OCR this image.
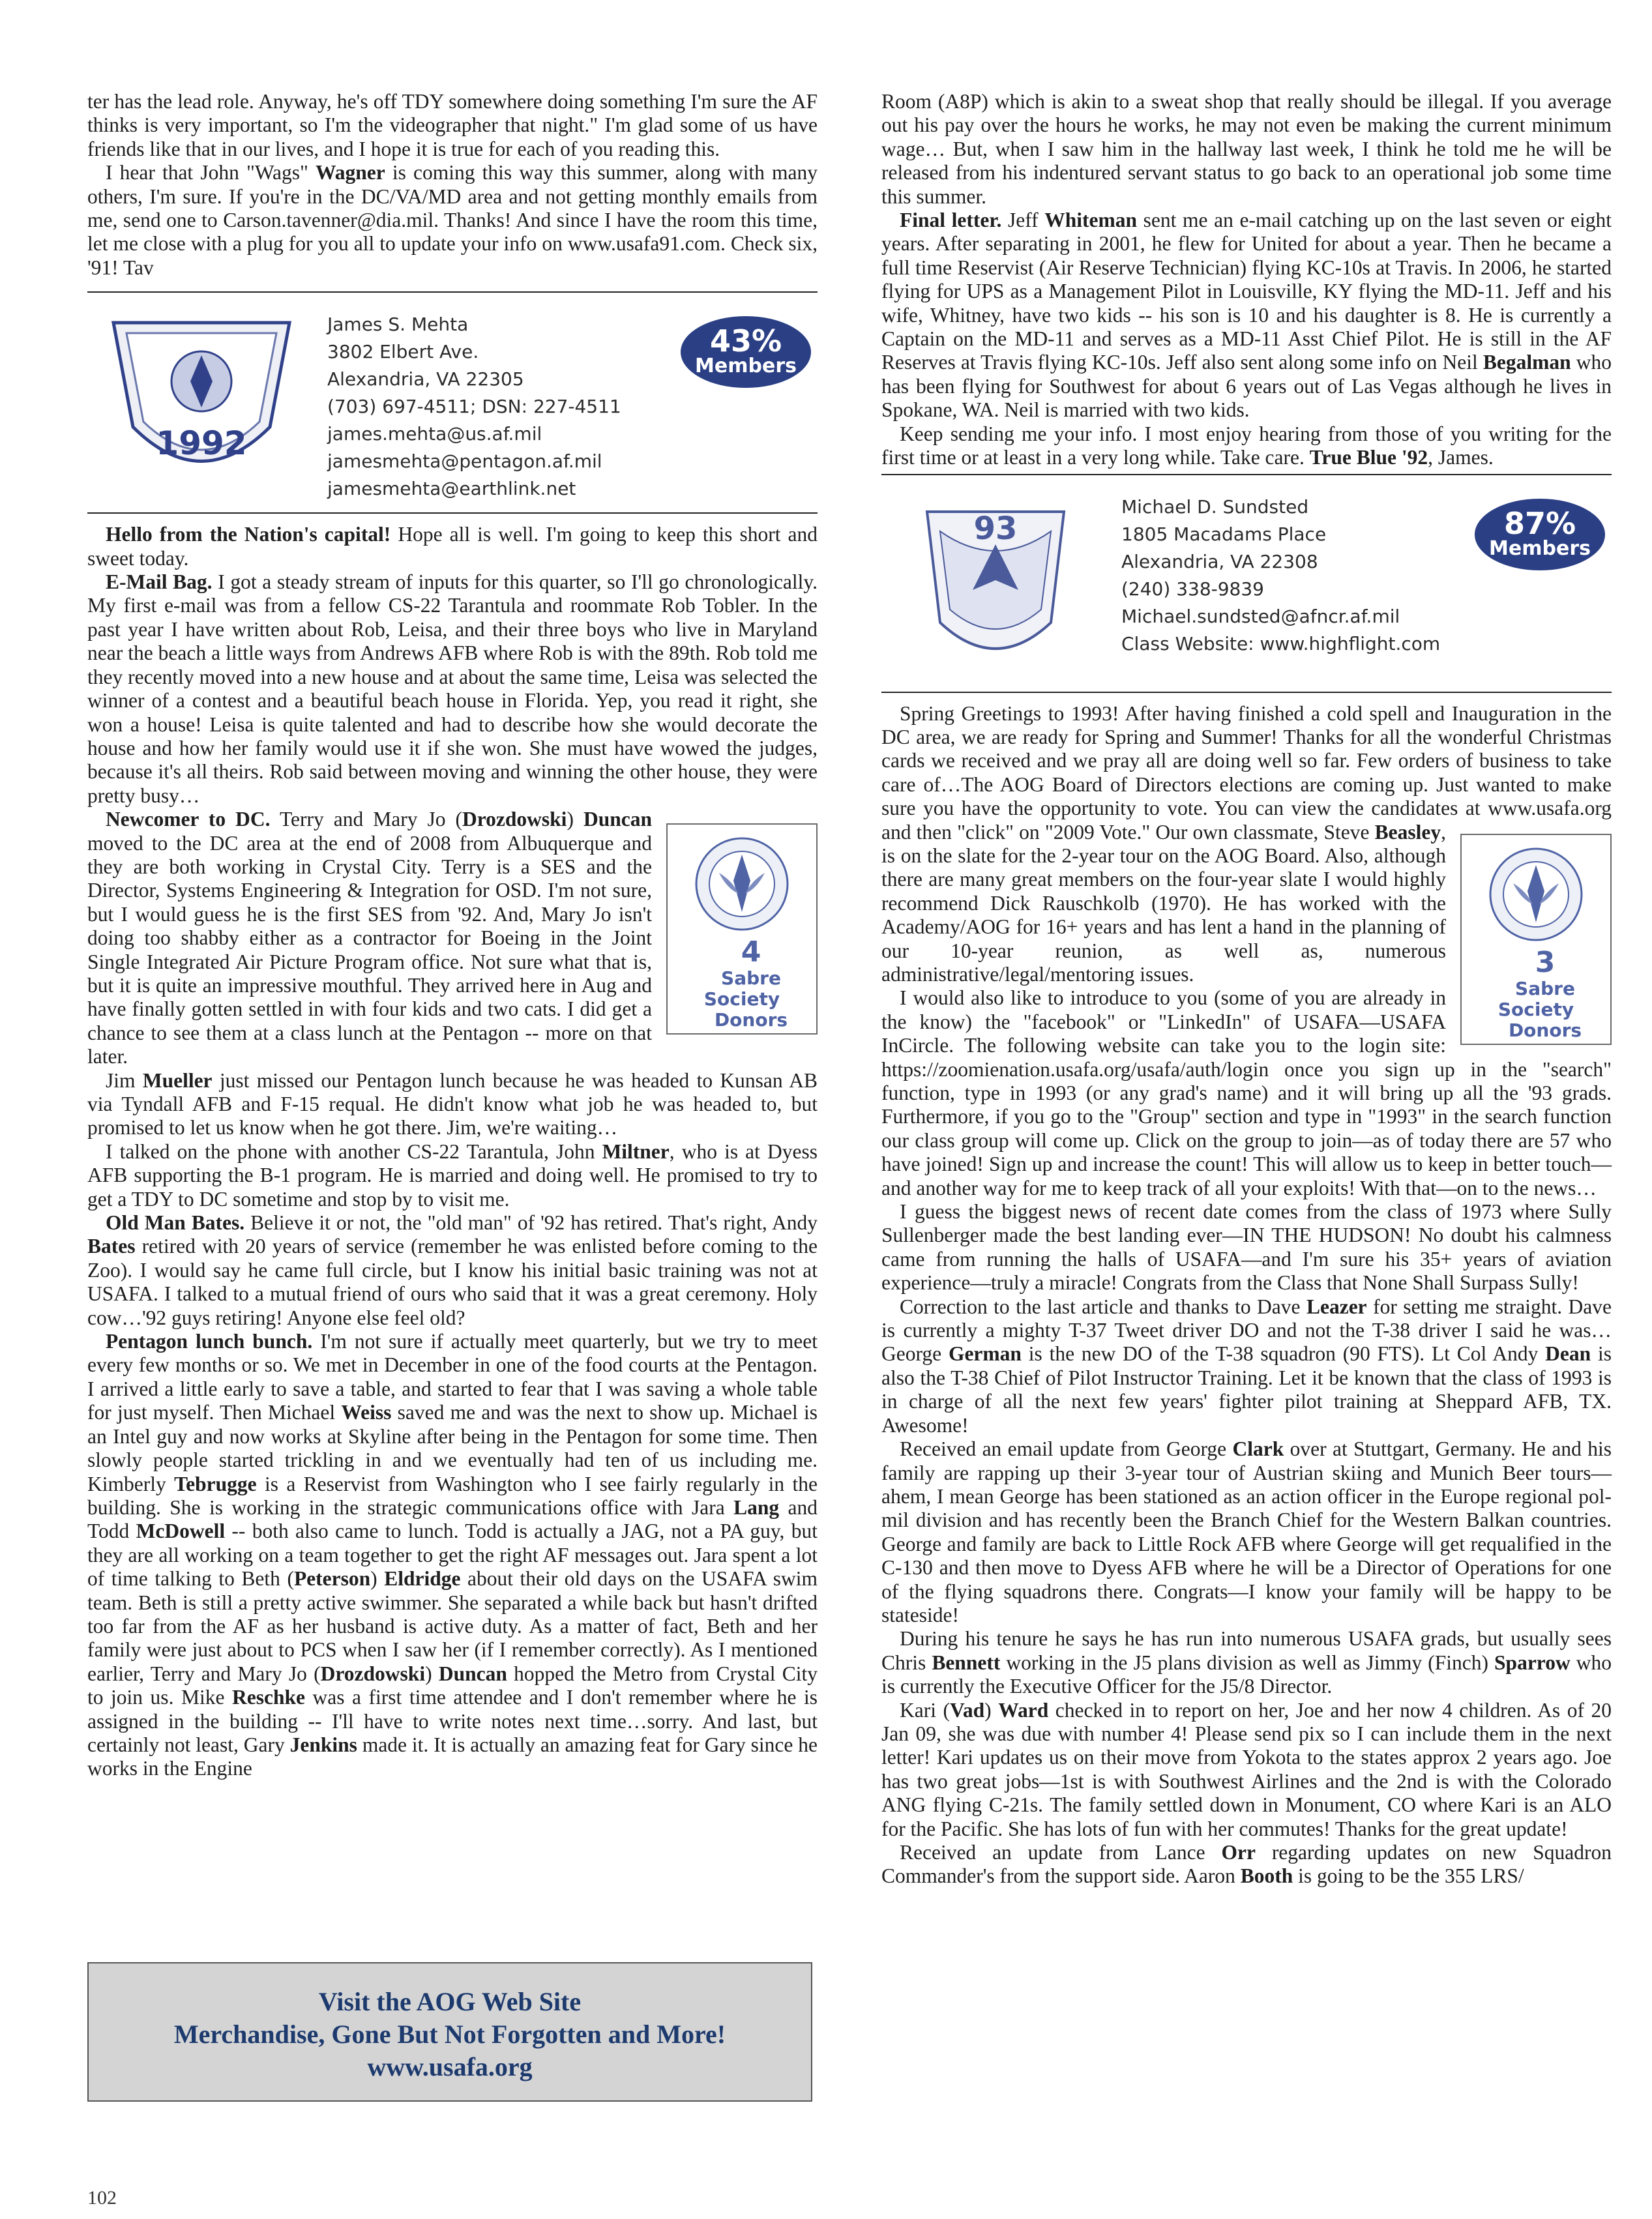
ter has the lead role. Anyway, he's off TDY somewhere doing something I'm sure the AF thinks is very important, so I'm the videographer that night." I'm glad some of us have friends like that in our lives, and I hope it is true for each of you reading this.

I hear that John "Wags" Wagner is coming this way this summer, along with many others, I'm sure. If you're in the DC/VA/MD area and not getting monthly emails from me, send one to Carson.tavenner@dia.mil. Thanks! And since I have the room this time, let me close with a plug for you all to update your info on www.usafa91.com. Check six, '91! Tav

1992
James S. Mehta
3802 Elbert Ave.
Alexandria, VA 22305
(703) 697-4511; DSN: 227-4511
james.mehta@us.af.mil
jamesmehta@pentagon.af.mil
jamesmehta@earthlink.net
43%
Members

Hello from the Nation's capital! Hope all is well. I'm going to keep this short and sweet today.

E-Mail Bag. I got a steady stream of inputs for this quarter, so I'll go chronologically. My first e-mail was from a fellow CS-22 Tarantula and roommate Rob Tobler. In the past year I have written about Rob, Leisa, and their three boys who live in Maryland near the beach a little ways from Andrews AFB where Rob is with the 89th. Rob told me they recently moved into a new house and at about the same time, Leisa was selected the winner of a contest and a beautiful beach house in Florida. Yep, you read it right, she won a house! Leisa is quite talented and had to describe how she would decorate the house and how her family would use it if she won. She must have wowed the judges, because it's all theirs. Rob said between moving and winning the other house, they were pretty busy…

Newcomer to DC. Terry and Mary Jo (Drozdowski) Duncan
4
Sabre Society
Donors
moved to the DC area at the end of 2008 from Albuquerque and they are both working in Crystal City. Terry is a SES and the Director, Systems Engineering & Integration for OSD. I'm not sure, but I would guess he is the first SES from '92. And, Mary Jo isn't doing too shabby either as a contractor for Boeing in the Joint Single Integrated Air Picture Program office. Not sure what that is, but it is quite an impressive mouthful. They arrived here in Aug and have finally gotten settled in with four kids and two cats. I did get a chance to see them at a class lunch at the Pentagon -- more on that later.

Jim Mueller just missed our Pentagon lunch because he was headed to Kunsan AB via Tyndall AFB and F-15 requal. He didn't know what job he was headed to, but promised to let us know when he got there. Jim, we're waiting…

I talked on the phone with another CS-22 Tarantula, John Miltner, who is at Dyess AFB supporting the B-1 program. He is married and doing well. He promised to try to get a TDY to DC sometime and stop by to visit me.

Old Man Bates. Believe it or not, the "old man" of '92 has retired. That's right, Andy Bates retired with 20 years of service (remember he was enlisted before coming to the Zoo). I would say he came full circle, but I know his initial basic training was not at USAFA. I talked to a mutual friend of ours who said that it was a great ceremony. Holy cow…'92 guys retiring! Anyone else feel old?

Pentagon lunch bunch. I'm not sure if actually meet quarterly, but we try to meet every few months or so. We met in December in one of the food courts at the Pentagon. I arrived a little early to save a table, and started to fear that I was saving a whole table for just myself. Then Michael Weiss saved me and was the next to show up. Michael is an Intel guy and now works at Skyline after being in the Pentagon for some time. Then slowly people started trickling in and we eventually had ten of us including me. Kimberly Tebrugge is a Reservist from Washington who I see fairly regularly in the building. She is working in the strategic communications office with Jara Lang and Todd McDowell -- both also came to lunch. Todd is actually a JAG, not a PA guy, but they are all working on a team together to get the right AF messages out. Jara spent a lot of time talking to Beth (Peterson) Eldridge about their old days on the USAFA swim team. Beth is still a pretty active swimmer. She separated a while back but hasn't drifted too far from the AF as her husband is active duty. As a matter of fact, Beth and her family were just about to PCS when I saw her (if I remember correctly). As I mentioned earlier, Terry and Mary Jo (Drozdowski) Duncan hopped the Metro from Crystal City to join us. Mike Reschke was a first time attendee and I don't remember where he is assigned in the building -- I'll have to write notes next time…sorry. And last, but certainly not least, Gary Jenkins made it. It is actually an amazing feat for Gary since he works in the Engine

Visit the AOG Web Site
Merchandise, Gone But Not Forgotten and More!
www.usafa.org

Room (A8P) which is akin to a sweat shop that really should be illegal. If you average out his pay over the hours he works, he may not even be making the current minimum wage… But, when I saw him in the hallway last week, I think he told me he will be released from his indentured servant status to go back to an operational job some time this summer.

Final letter. Jeff Whiteman sent me an e-mail catching up on the last seven or eight years. After separating in 2001, he flew for United for about a year. Then he became a full time Reservist (Air Reserve Technician) flying KC-10s at Travis. In 2006, he started flying for UPS as a Management Pilot in Louisville, KY flying the MD-11. Jeff and his wife, Whitney, have two kids -- his son is 10 and his daughter is 8. He is currently a Captain on the MD-11 and serves as a MD-11 Asst Chief Pilot. He is still in the AF Reserves at Travis flying KC-10s. Jeff also sent along some info on Neil Begalman who has been flying for Southwest for about 6 years out of Las Vegas although he lives in Spokane, WA. Neil is married with two kids.

Keep sending me your info. I most enjoy hearing from those of you writing for the first time or at least in a very long while. Take care. True Blue '92, James.

93
Michael D. Sundsted
1805 Macadams Place
Alexandria, VA 22308
(240) 338-9839
Michael.sundsted@afncr.af.mil
Class Website: www.highflight.com
87%
Members

Spring Greetings to 1993! After having finished a cold spell and Inauguration in the DC area, we are ready for Spring and Summer! Thanks for all the wonderful Christmas cards we received and we pray all are doing well so far. Few orders of business to take care of…The AOG Board of Directors elections are coming up. Just wanted to make sure you have the opportunity to vote. You can view the candidates at www.usafa.org and then "click" on "2009 Vote." Our own classmate, Steve Beasley
3
Sabre Society
Donors
, is on the slate for the 2-year tour on the AOG Board. Also, although there are many great members on the four-year slate I would highly recommend Dick Rauschkolb (1970). He has worked with the Academy/AOG for 16+ years and has lent a hand in the planning of our 10-year reunion, as well as, numerous administrative/legal/mentoring issues.

I would also like to introduce to you (some of you are already in the know) the "facebook" or "LinkedIn" of USAFA—USAFA InCircle. The following website can take you to the login site: https://zoomienation.usafa.org/usafa/auth/login once you sign up in the "search" function, type in 1993 (or any grad's name) and it will bring up all the '93 grads. Furthermore, if you go to the "Group" section and type in "1993" in the search function our class group will come up. Click on the group to join—as of today there are 57 who have joined! Sign up and increase the count! This will allow us to keep in better touch—and another way for me to keep track of all your exploits! With that—on to the news…

I guess the biggest news of recent date comes from the class of 1973 where Sully Sullenberger made the best landing ever—IN THE HUDSON! No doubt his calmness came from running the halls of USAFA—and I'm sure his 35+ years of aviation experience—truly a miracle! Congrats from the Class that None Shall Surpass Sully!

Correction to the last article and thanks to Dave Leazer for setting me straight. Dave is currently a mighty T-37 Tweet driver DO and not the T-38 driver I said he was…George German is the new DO of the T-38 squadron (90 FTS). Lt Col Andy Dean is also the T-38 Chief of Pilot Instructor Training. Let it be known that the class of 1993 is in charge of all the next few years' fighter pilot training at Sheppard AFB, TX. Awesome!

Received an email update from George Clark over at Stuttgart, Germany. He and his family are rapping up their 3-year tour of Austrian skiing and Munich Beer tours—ahem, I mean George has been stationed as an action officer in the Europe regional pol-mil division and has recently been the Branch Chief for the Western Balkan countries. George and family are back to Little Rock AFB where George will get requalified in the C-130 and then move to Dyess AFB where he will be a Director of Operations for one of the flying squadrons there. Congrats—I know your family will be happy to be stateside!

During his tenure he says he has run into numerous USAFA grads, but usually sees Chris Bennett working in the J5 plans division as well as Jimmy (Finch) Sparrow who is currently the Executive Officer for the J5/8 Director.

Kari (Vad) Ward checked in to report on her, Joe and her now 4 children. As of 20 Jan 09, she was due with number 4! Please send pix so I can include them in the next letter! Kari updates us on their move from Yokota to the states approx 2 years ago. Joe has two great jobs—1st is with Southwest Airlines and the 2nd is with the Colorado ANG flying C-21s. The family settled down in Monument, CO where Kari is an ALO for the Pacific. She has lots of fun with her commutes! Thanks for the great update!

Received an update from Lance Orr regarding updates on new Squadron Commander's from the support side. Aaron Booth is going to be the 355 LRS/

102
